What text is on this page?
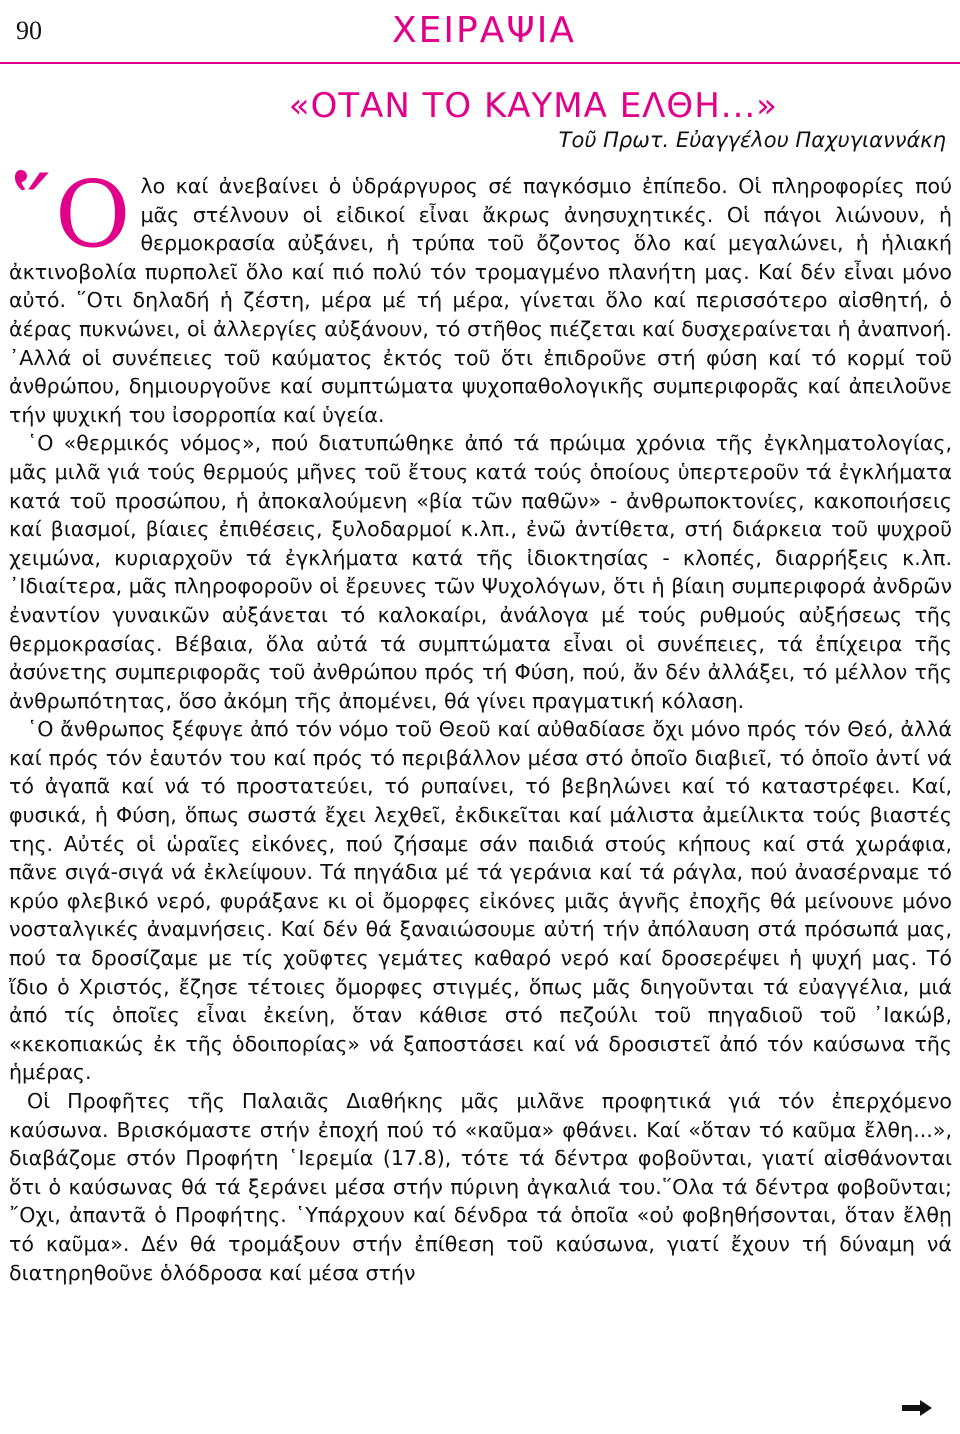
90	ΧΕΙΡΑΨΙΑ
«ΟΤΑΝ ΤΟ ΚΑΥΜΑ ΕΛΘΗ...»
Τοῦ Πρωτ. Εὐαγγέλου Παχυγιαννάκη

῞Ο λο καί ἀνεβαίνει ὁ ὑδράργυρος σέ παγκόσμιο ἐπίπεδο. Οἱ πληροφορίες πού μᾶς στέλνουν οἱ εἰδικοί εἶναι ἄκρως ἀνησυχητικές. Οἱ πάγοι λιώνουν, ἡ θερμοκρασία αὐξάνει, ἡ τρύπα τοῦ ὄζοντος ὅλο καί μεγαλώνει, ἡ ἡλιακή ἀκτινοβολία πυρπολεῖ ὅλο καί πιό πολύ τόν τρομαγμένο πλανήτη μας. Καί δέν εἶναι μόνο αὐτό. ῞Οτι δηλαδή ἡ ζέστη, μέρα μέ τή μέρα, γίνεται ὅλο καί περισσότερο αἰσθητή, ὁ ἀέρας πυκνώνει, οἱ ἀλλεργίες αὐξάνουν, τό στῆθος πιέζεται καί δυσχεραίνεται ἡ ἀναπνοή. ᾿Αλλά οἱ συνέπειες τοῦ καύματος ἐκτός τοῦ ὅτι ἐπιδροῦνε στή φύση καί τό κορμί τοῦ ἀνθρώπου, δημιουργοῦνε καί συμπτώματα ψυχοπαθολογικῆς συμπεριφορᾶς καί ἀπειλοῦνε τήν ψυχική του ἰσορροπία καί ὑγεία.

῾Ο «θερμικός νόμος», πού διατυπώθηκε ἀπό τά πρώιμα χρόνια τῆς ἐγκληματολογίας, μᾶς μιλᾶ γιά τούς θερμούς μῆνες τοῦ ἔτους κατά τούς ὁποίους ὑπερτεροῦν τά ἐγκλήματα κατά τοῦ προσώπου, ἡ ἀποκαλούμενη «βία τῶν παθῶν» - ἀνθρωποκτονίες, κακοποιήσεις καί βιασμοί, βίαιες ἐπιθέσεις, ξυλοδαρμοί κ.λπ., ἐνῶ ἀντίθετα, στή διάρκεια τοῦ ψυχροῦ χειμώνα, κυριαρχοῦν τά ἐγκλήματα κατά τῆς ἰδιοκτησίας - κλοπές, διαρρήξεις κ.λπ. ᾿Ιδιαίτερα, μᾶς πληροφοροῦν οἱ ἔρευνες τῶν Ψυχολόγων, ὅτι ἡ βίαιη συμπεριφορά ἀνδρῶν ἐναντίον γυναικῶν αὐξάνεται τό καλοκαίρι, ἀνάλογα μέ τούς ρυθμούς αὐξήσεως τῆς θερμοκρασίας. Βέβαια, ὅλα αὐτά τά συμπτώματα εἶναι οἱ συνέπειες, τά ἐπίχειρα τῆς ἀσύνετης συμπεριφορᾶς τοῦ ἀνθρώπου πρός τή Φύση, πού, ἄν δέν ἀλλάξει, τό μέλλον τῆς ἀνθρωπότητας, ὅσο ἀκόμη τῆς ἀπομένει, θά γίνει πραγματική κόλαση.

῾Ο ἄνθρωπος ξέφυγε ἀπό τόν νόμο τοῦ Θεοῦ καί αὐθαδίασε ὄχι μόνο πρός τόν Θεό, ἀλλά καί πρός τόν ἑαυτόν του καί πρός τό περιβάλλον μέσα στό ὁποῖο διαβιεῖ, τό ὁποῖο ἀντί νά τό ἀγαπᾶ καί νά τό προστατεύει, τό ρυπαίνει, τό βεβηλώνει καί τό καταστρέφει. Καί, φυσικά, ἡ Φύση, ὅπως σωστά ἔχει λεχθεῖ, ἐκδικεῖται καί μάλιστα ἀμείλικτα τούς βιαστές της. Αὐτές οἱ ὡραῖες εἰκόνες, πού ζήσαμε σάν παιδιά στούς κήπους καί στά χωράφια, πᾶνε σιγά-σιγά νά ἐκλείψουν. Τά πηγάδια μέ τά γεράνια καί τά ράγλα, πού ἀνασέρναμε τό κρύο φλεβικό νερό, φυράξανε κι οἱ ὄμορφες εἰκόνες μιᾶς ἁγνῆς ἐποχῆς θά μείνουνε μόνο νοσταλγικές ἀναμνήσεις. Καί δέν θά ξαναιώσουμε αὐτή τήν ἀπόλαυση στά πρόσωπά μας, πού τα δροσίζαμε με τίς χοῦφτες γεμάτες καθαρό νερό καί δροσερέψει ἡ ψυχή μας. Τό ἴδιο ὁ Χριστός, ἔζησε τέτοιες ὄμορφες στιγμές, ὅπως μᾶς διηγοῦνται τά εὐαγγέλια, μιά ἀπό τίς ὁποῖες εἶναι ἐκείνη, ὅταν κάθισε στό πεζούλι τοῦ πηγαδιοῦ τοῦ ᾿Ιακώβ, «κεκοπιακώς ἐκ τῆς ὁδοιπορίας» νά ξαποστάσει καί νά δροσιστεῖ ἀπό τόν καύσωνα τῆς ἡμέρας.

Οἱ Προφῆτες τῆς Παλαιᾶς Διαθήκης μᾶς μιλᾶνε προφητικά γιά τόν ἐπερχόμενο καύσωνα. Βρισκόμαστε στήν ἐποχή πού τό «καῦμα» φθάνει. Καί «ὅταν τό καῦμα ἔλθη...», διαβάζομε στόν Προφήτη ῾Ιερεμία (17.8), τότε τά δέντρα φοβοῦνται, γιατί αἰσθάνονται ὅτι ὁ καύσωνας θά τά ξεράνει μέσα στήν πύρινη ἀγκαλιά του.῞Ολα τά δέντρα φοβοῦνται; ῎Οχι, ἀπαντᾶ ὁ Προφήτης. ῾Υπάρχουν καί δένδρα τά ὁποῖα «οὐ φοβηθήσονται, ὅταν ἔλθῃ τό καῦμα». Δέν θά τρομάξουν στήν ἐπίθεση τοῦ καύσωνα, γιατί ἔχουν τή δύναμη νά διατηρηθοῦνε ὁλόδροσα καί μέσα στήν
